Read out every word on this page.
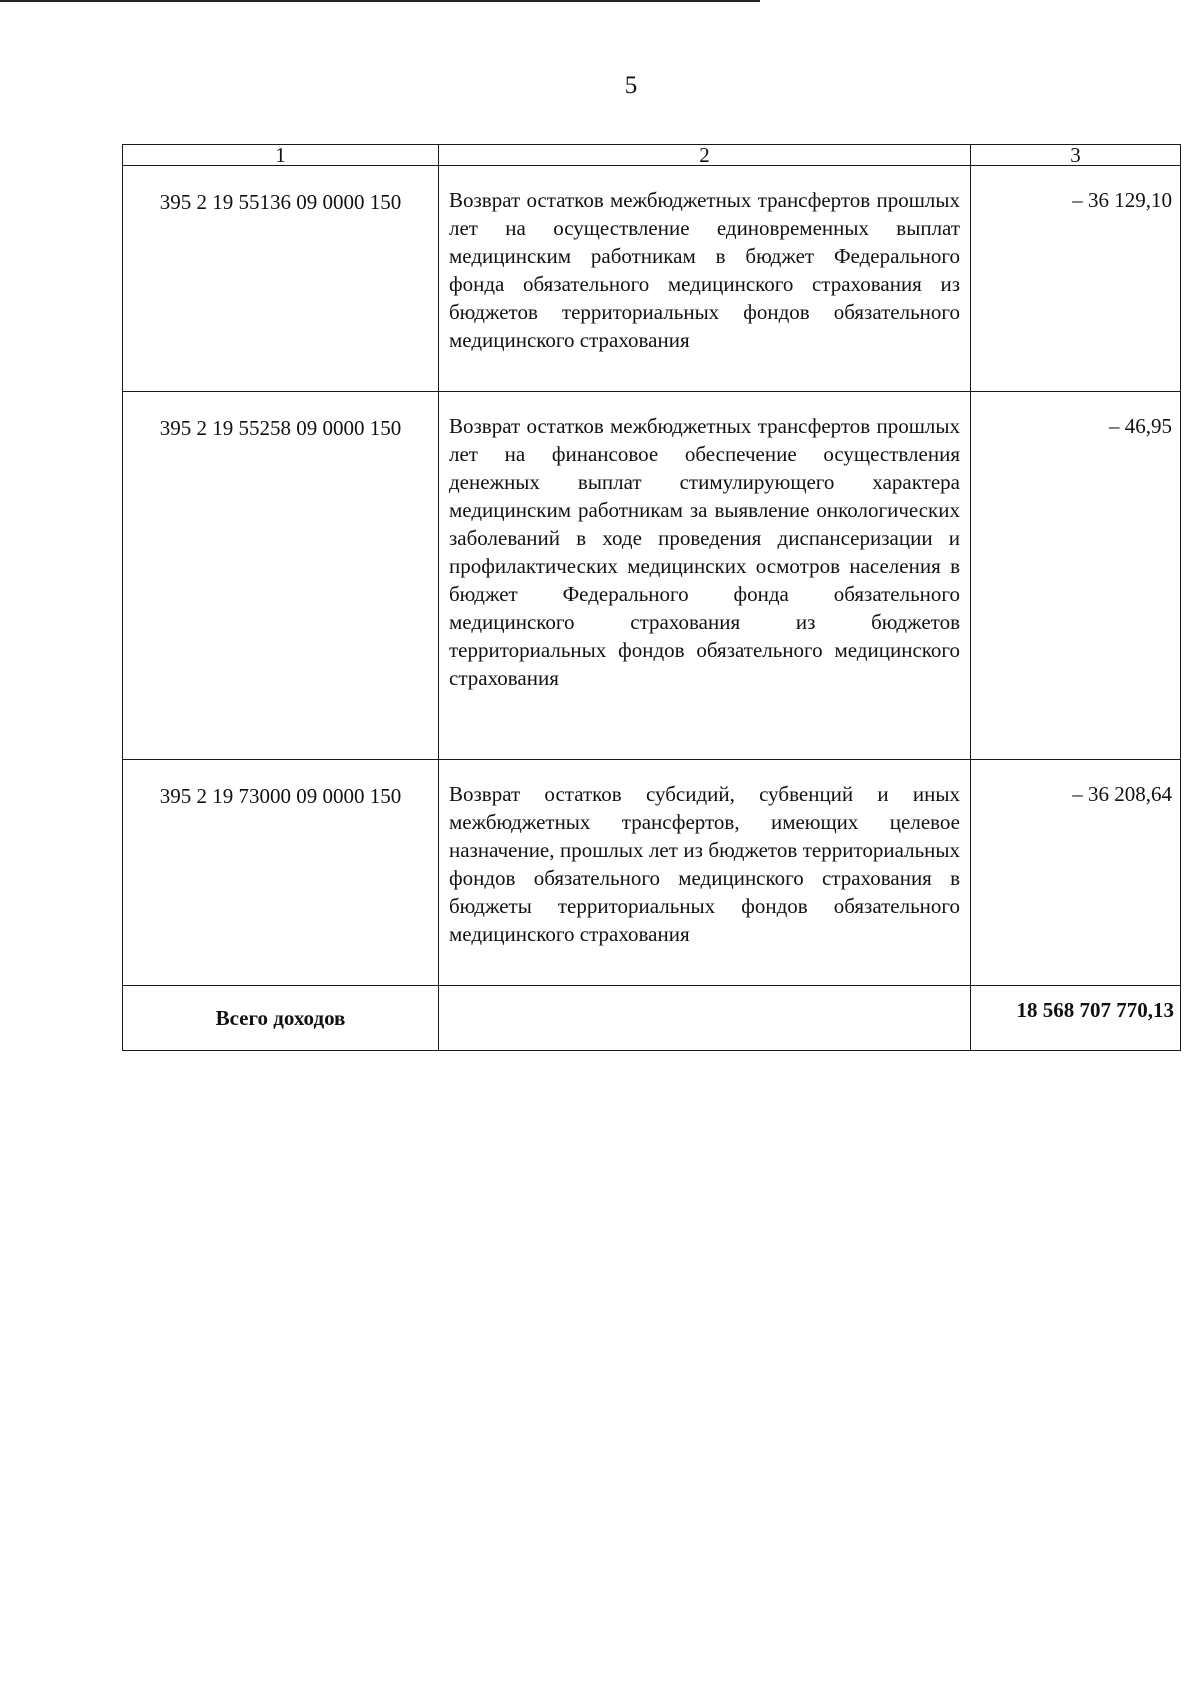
5
1	2	3
395 2 19 55136 09 0000 150	Возврат остатков межбюджетных трансфертов прошлых лет на осуществление единовременных выплат медицинским работникам в бюджет Федерального фонда обязательного медицинского страхования из бюджетов территориальных фондов обязательного медицинского страхования	– 36 129,10
395 2 19 55258 09 0000 150	Возврат остатков межбюджетных трансфертов прошлых лет на финансовое обеспечение осуществления денежных выплат стимулирующего характера медицинским работникам за выявление онкологических заболеваний в ходе проведения диспансеризации и профилактических медицинских осмотров населения в бюджет Федерального фонда обязательного медицинского страхования из бюджетов территориальных фондов обязательного медицинского страхования	– 46,95
395 2 19 73000 09 0000 150	Возврат остатков субсидий, субвенций и иных межбюджетных трансфертов, имеющих целевое назначение, прошлых лет из бюджетов территориальных фондов обязательного медицинского страхования в бюджеты территориальных фондов обязательного медицинского страхования	– 36 208,64
Всего доходов		18 568 707 770,13
